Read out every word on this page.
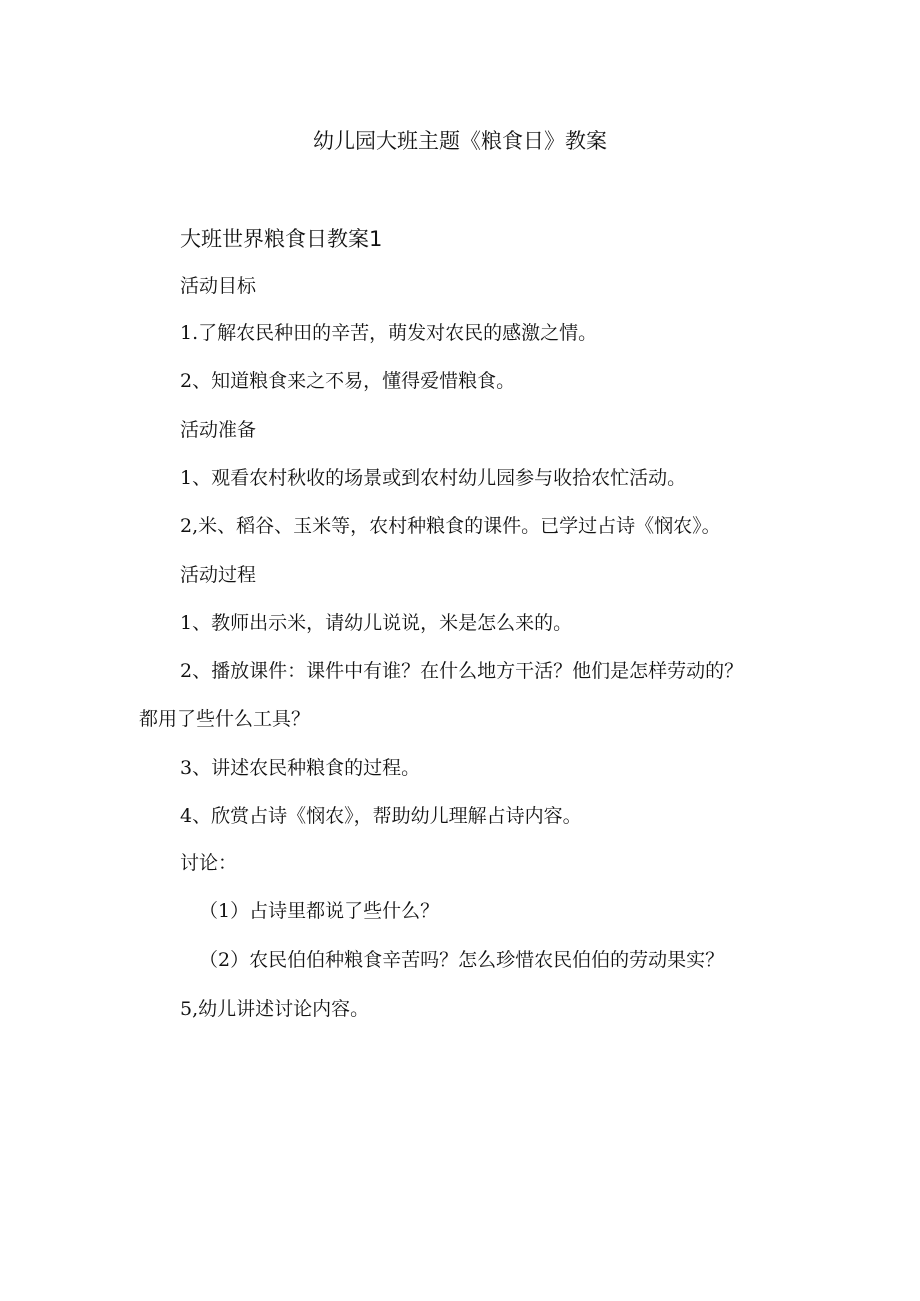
幼儿园大班主题《粮食日》教案
大班世界粮食日教案1
活动目标
1.了解农民种田的辛苦，萌发对农民的感激之情。
2、知道粮食来之不易，懂得爱惜粮食。
活动准备
1、观看农村秋收的场景或到农村幼儿园参与收拾农忙活动。
2,米、稻谷、玉米等，农村种粮食的课件。已学过占诗《悯农》。
活动过程
1、教师出示米，请幼儿说说，米是怎么来的。
2、播放课件：课件中有谁？在什么地方干活？他们是怎样劳动的？
都用了些什么工具？
3、讲述农民种粮食的过程。
4、欣赏占诗《悯农》，帮助幼儿理解占诗内容。
讨论：
（1）占诗里都说了些什么？
（2）农民伯伯种粮食辛苦吗？怎么珍惜农民伯伯的劳动果实？
5,幼儿讲述讨论内容。
